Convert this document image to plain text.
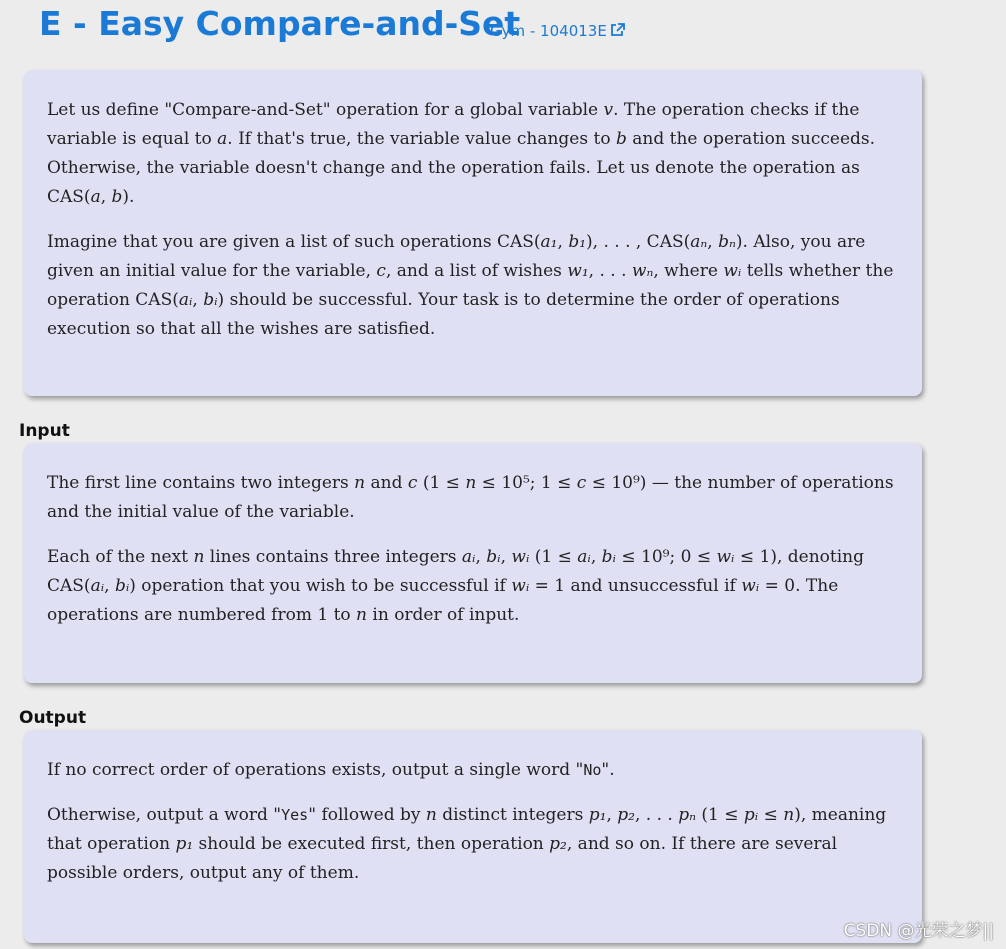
E - Easy Compare-and-Set
Gym - 104013E

Let us define "Compare-and-Set" operation for a global variable v. The operation checks if the variable is equal to a. If that's true, the variable value changes to b and the operation succeeds. Otherwise, the variable doesn't change and the operation fails. Let us denote the operation as CAS(a, b).

Imagine that you are given a list of such operations CAS(a₁, b₁), . . . , CAS(aₙ, bₙ). Also, you are given an initial value for the variable, c, and a list of wishes w₁, . . . wₙ, where wᵢ tells whether the operation CAS(aᵢ, bᵢ) should be successful. Your task is to determine the order of operations execution so that all the wishes are satisfied.

Input

The first line contains two integers n and c (1 ≤ n ≤ 10⁵; 1 ≤ c ≤ 10⁹) — the number of operations and the initial value of the variable.

Each of the next n lines contains three integers aᵢ, bᵢ, wᵢ (1 ≤ aᵢ, bᵢ ≤ 10⁹; 0 ≤ wᵢ ≤ 1), denoting CAS(aᵢ, bᵢ) operation that you wish to be successful if wᵢ = 1 and unsuccessful if wᵢ = 0. The operations are numbered from 1 to n in order of input.

Output

If no correct order of operations exists, output a single word "No".

Otherwise, output a word "Yes" followed by n distinct integers p₁, p₂, . . . pₙ (1 ≤ pᵢ ≤ n), meaning that operation p₁ should be executed first, then operation p₂, and so on. If there are several possible orders, output any of them.

CSDN @光荣之梦||
